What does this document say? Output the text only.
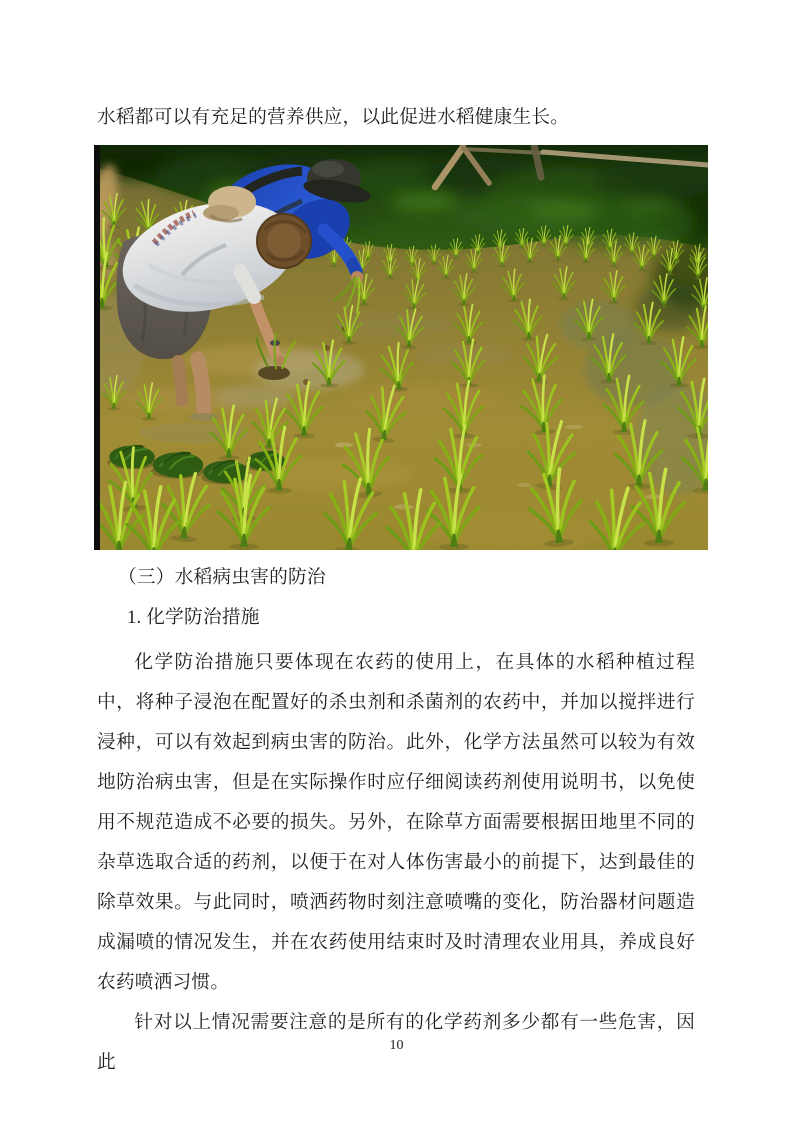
水稻都可以有充足的营养供应，以此促进水稻健康生长。
（三）水稻病虫害的防治
1. 化学防治措施

化学防治措施只要体现在农药的使用上，在具体的水稻种植过程中，将种子浸泡在配置好的杀虫剂和杀菌剂的农药中，并加以搅拌进行浸种，可以有效起到病虫害的防治。此外，化学方法虽然可以较为有效地防治病虫害，但是在实际操作时应仔细阅读药剂使用说明书，以免使用不规范造成不必要的损失。另外，在除草方面需要根据田地里不同的杂草选取合适的药剂，以便于在对人体伤害最小的前提下，达到最佳的除草效果。与此同时，喷洒药物时刻注意喷嘴的变化，防治器材问题造成漏喷的情况发生，并在农药使用结束时及时清理农业用具，养成良好农药喷洒习惯。

针对以上情况需要注意的是所有的化学药剂多少都有一些危害，因此

10
